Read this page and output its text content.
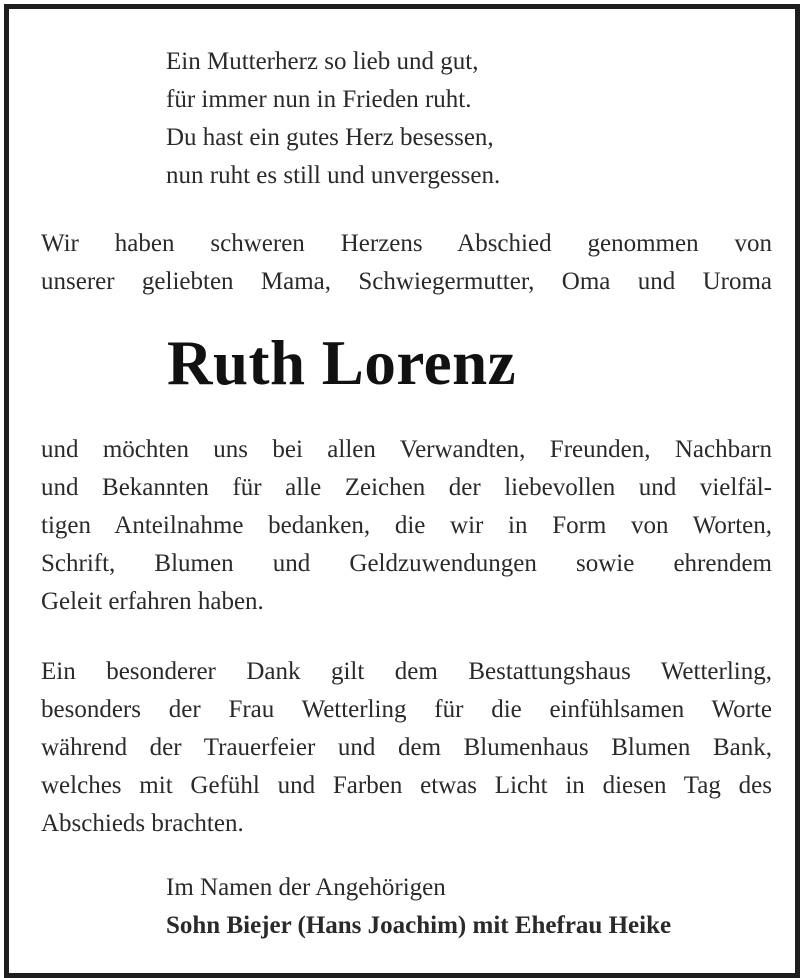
Ein Mutterherz so lieb und gut,
für immer nun in Frieden ruht.
Du hast ein gutes Herz besessen,
nun ruht es still und unvergessen.
Wir haben schweren Herzens Abschied genommen von
unserer geliebten Mama, Schwiegermutter, Oma und Uroma
Ruth Lorenz
und möchten uns bei allen Verwandten, Freunden, Nachbarn
und Bekannten für alle Zeichen der liebevollen und vielfäl-
tigen Anteilnahme bedanken, die wir in Form von Worten,
Schrift, Blumen und Geldzuwendungen sowie ehrendem
Geleit erfahren haben.
Ein besonderer Dank gilt dem Bestattungshaus Wetterling,
besonders der Frau Wetterling für die einfühlsamen Worte
während der Trauerfeier und dem Blumenhaus Blumen Bank,
welches mit Gefühl und Farben etwas Licht in diesen Tag des
Abschieds brachten.
Im Namen der Angehörigen
Sohn Biejer (Hans Joachim) mit Ehefrau Heike
